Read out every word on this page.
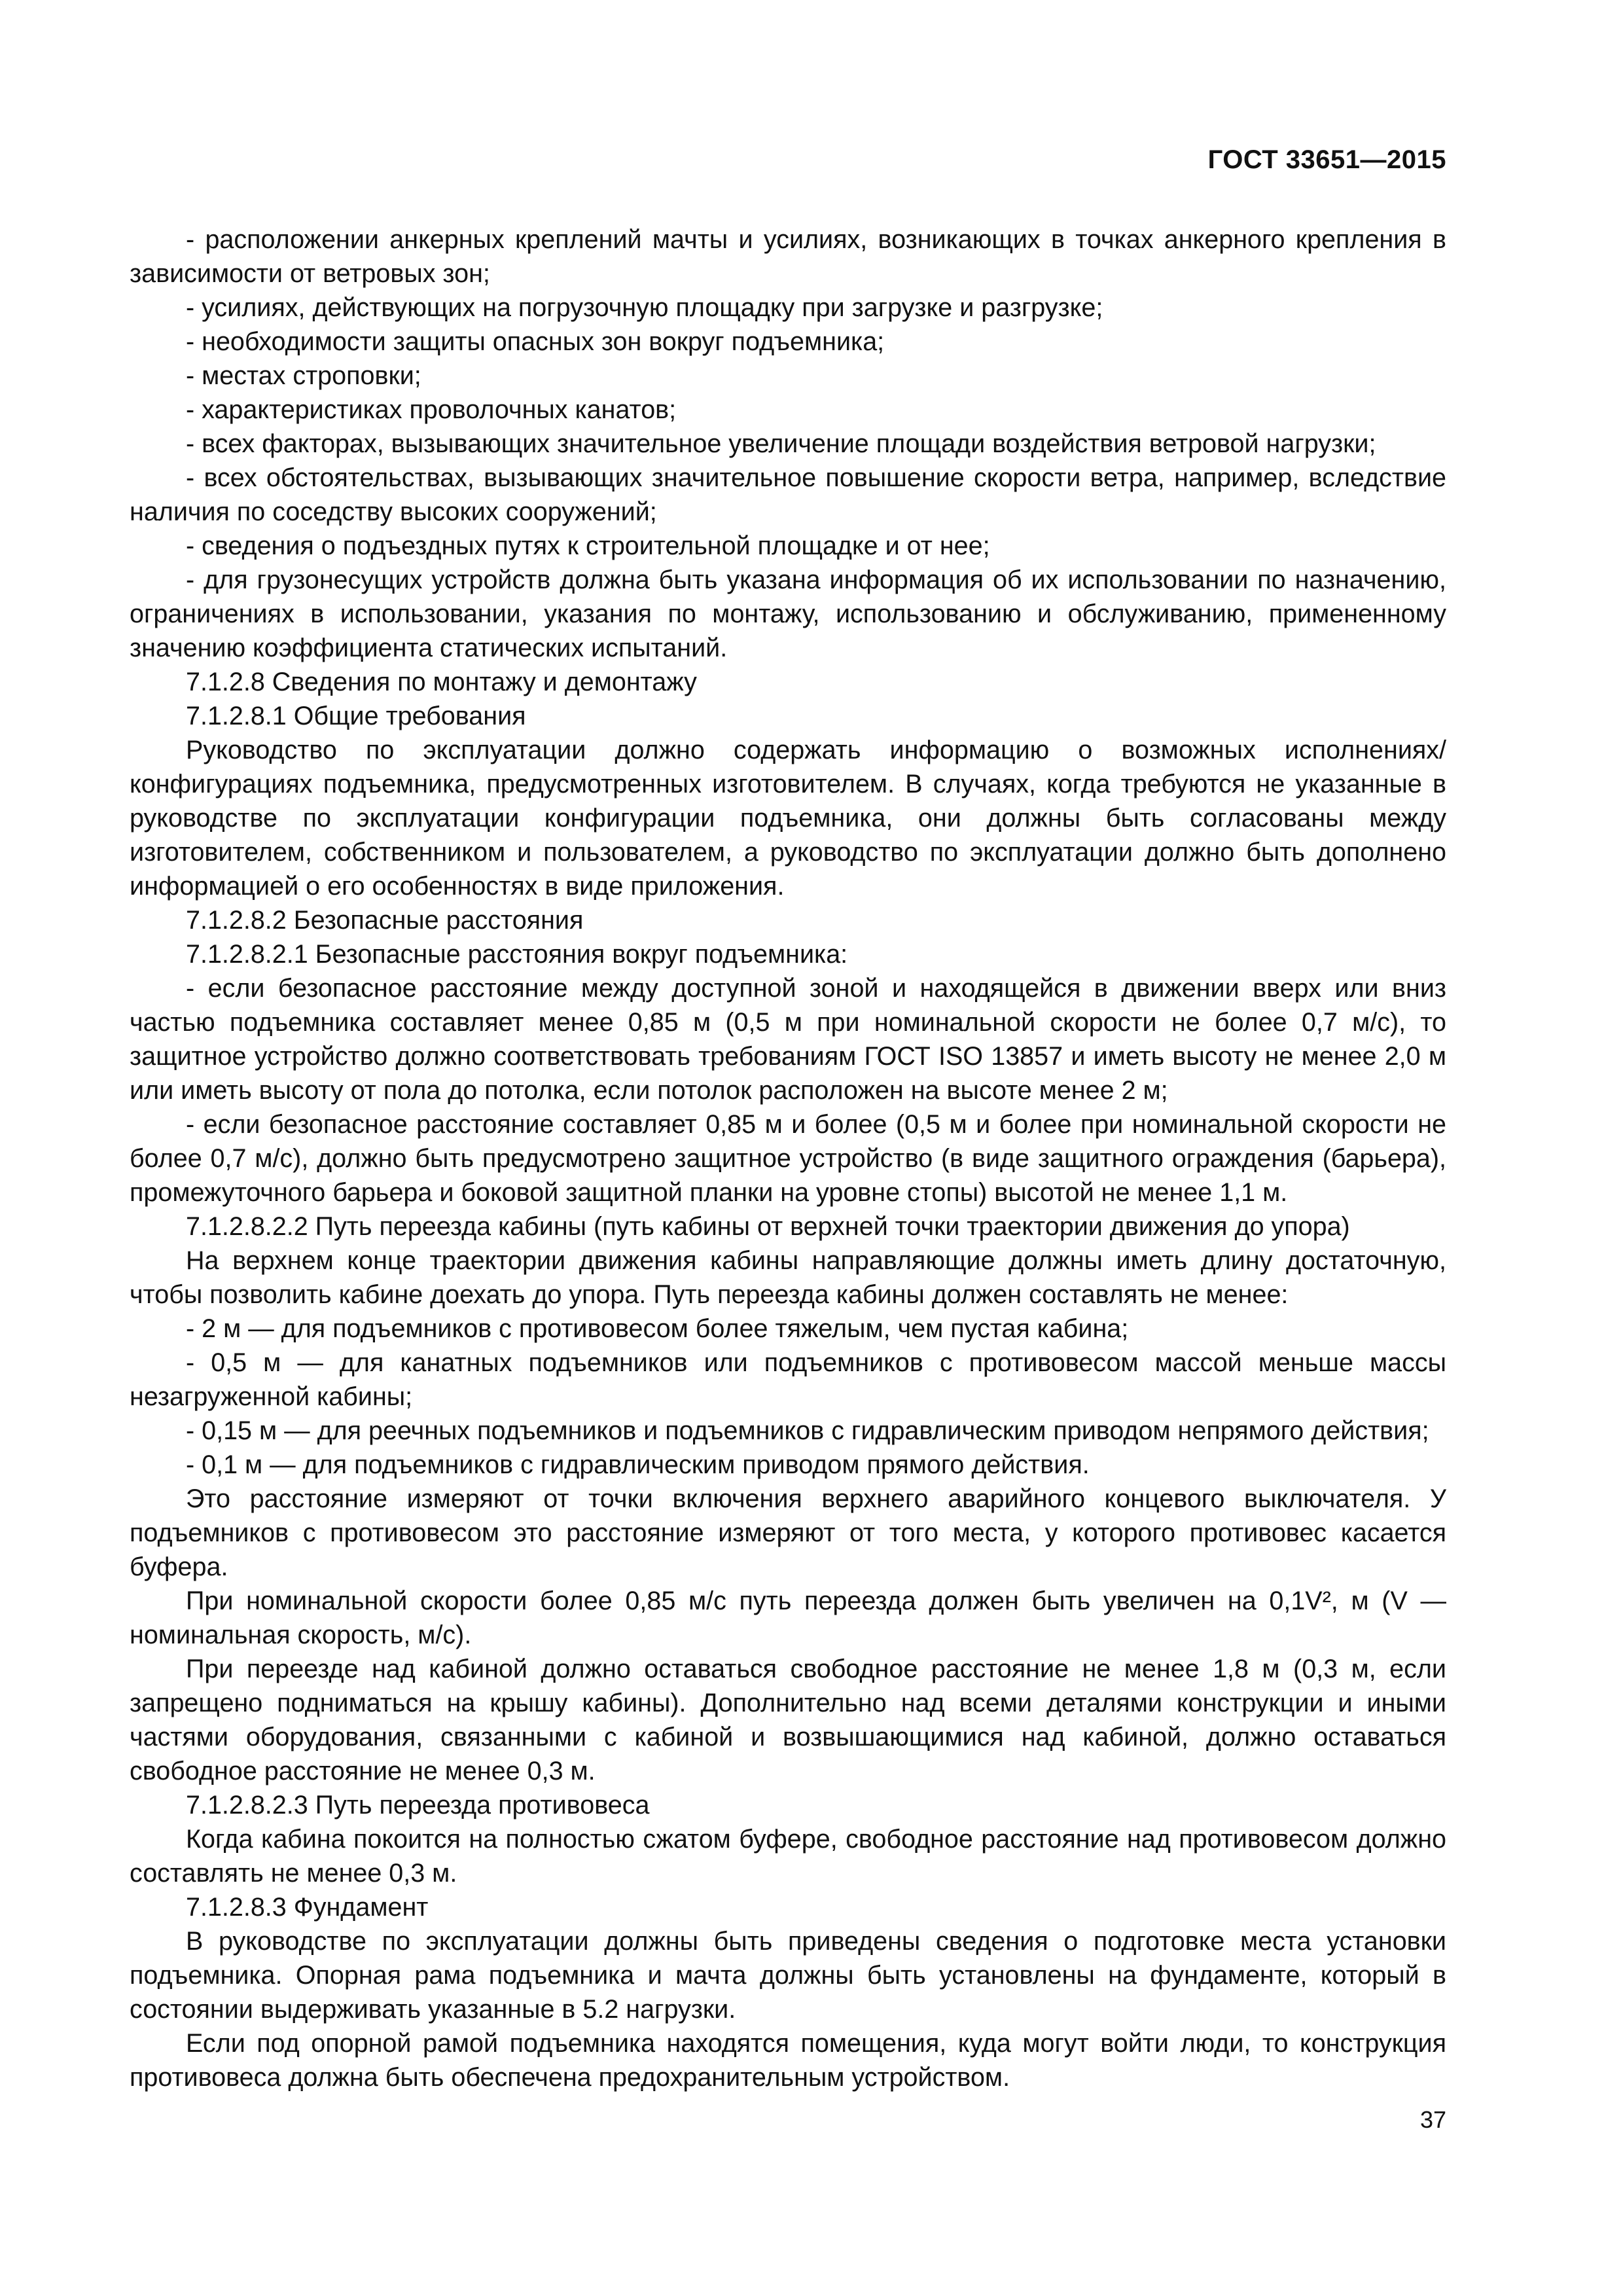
ГОСТ 33651—2015

- расположении анкерных креплений мачты и усилиях, возникающих в точках анкерного крепления в зависимости от ветровых зон;

- усилиях, действующих на погрузочную площадку при загрузке и разгрузке;

- необходимости защиты опасных зон вокруг подъемника;

- местах строповки;

- характеристиках проволочных канатов;

- всех факторах, вызывающих значительное увеличение площади воздействия ветровой нагрузки;

- всех обстоятельствах, вызывающих значительное повышение скорости ветра, например, вследствие наличия по соседству высоких сооружений;

- сведения о подъездных путях к строительной площадке и от нее;

- для грузонесущих устройств должна быть указана информация об их использовании по назначению, ограничениях в использовании, указания по монтажу, использованию и обслуживанию, примененному значению коэффициента статических испытаний.

7.1.2.8 Сведения по монтажу и демонтажу

7.1.2.8.1 Общие требования

Руководство по эксплуатации должно содержать информацию о возможных исполнениях/конфигурациях подъемника, предусмотренных изготовителем. В случаях, когда требуются не указанные в руководстве по эксплуатации конфигурации подъемника, они должны быть согласованы между изготовителем, собственником и пользователем, а руководство по эксплуатации должно быть дополнено информацией о его особенностях в виде приложения.

7.1.2.8.2 Безопасные расстояния

7.1.2.8.2.1 Безопасные расстояния вокруг подъемника:

- если безопасное расстояние между доступной зоной и находящейся в движении вверх или вниз частью подъемника составляет менее 0,85 м (0,5 м при номинальной скорости не более 0,7 м/с), то защитное устройство должно соответствовать требованиям ГОСТ ISO 13857 и иметь высоту не менее 2,0 м или иметь высоту от пола до потолка, если потолок расположен на высоте менее 2 м;

- если безопасное расстояние составляет 0,85 м и более (0,5 м и более при номинальной скорости не более 0,7 м/с), должно быть предусмотрено защитное устройство (в виде защитного ограждения (барьера), промежуточного барьера и боковой защитной планки на уровне стопы) высотой не менее 1,1 м.

7.1.2.8.2.2 Путь переезда кабины (путь кабины от верхней точки траектории движения до упора)

На верхнем конце траектории движения кабины направляющие должны иметь длину достаточную, чтобы позволить кабине доехать до упора. Путь переезда кабины должен составлять не менее:

- 2 м — для подъемников с противовесом более тяжелым, чем пустая кабина;

- 0,5 м — для канатных подъемников или подъемников с противовесом массой меньше массы незагруженной кабины;

- 0,15 м — для реечных подъемников и подъемников с гидравлическим приводом непрямого действия;

- 0,1 м — для подъемников с гидравлическим приводом прямого действия.

Это расстояние измеряют от точки включения верхнего аварийного концевого выключателя. У подъемников с противовесом это расстояние измеряют от того места, у которого противовес касается буфера.

При номинальной скорости более 0,85 м/с путь переезда должен быть увеличен на 0,1V², м (V — номинальная скорость, м/с).

При переезде над кабиной должно оставаться свободное расстояние не менее 1,8 м (0,3 м, если запрещено подниматься на крышу кабины). Дополнительно над всеми деталями конструкции и иными частями оборудования, связанными с кабиной и возвышающимися над кабиной, должно оставаться свободное расстояние не менее 0,3 м.

7.1.2.8.2.3 Путь переезда противовеса

Когда кабина покоится на полностью сжатом буфере, свободное расстояние над противовесом должно составлять не менее 0,3 м.

7.1.2.8.3 Фундамент

В руководстве по эксплуатации должны быть приведены сведения о подготовке места установки подъемника. Опорная рама подъемника и мачта должны быть установлены на фундаменте, который в состоянии выдерживать указанные в 5.2 нагрузки.

Если под опорной рамой подъемника находятся помещения, куда могут войти люди, то конструкция противовеса должна быть обеспечена предохранительным устройством.

37
